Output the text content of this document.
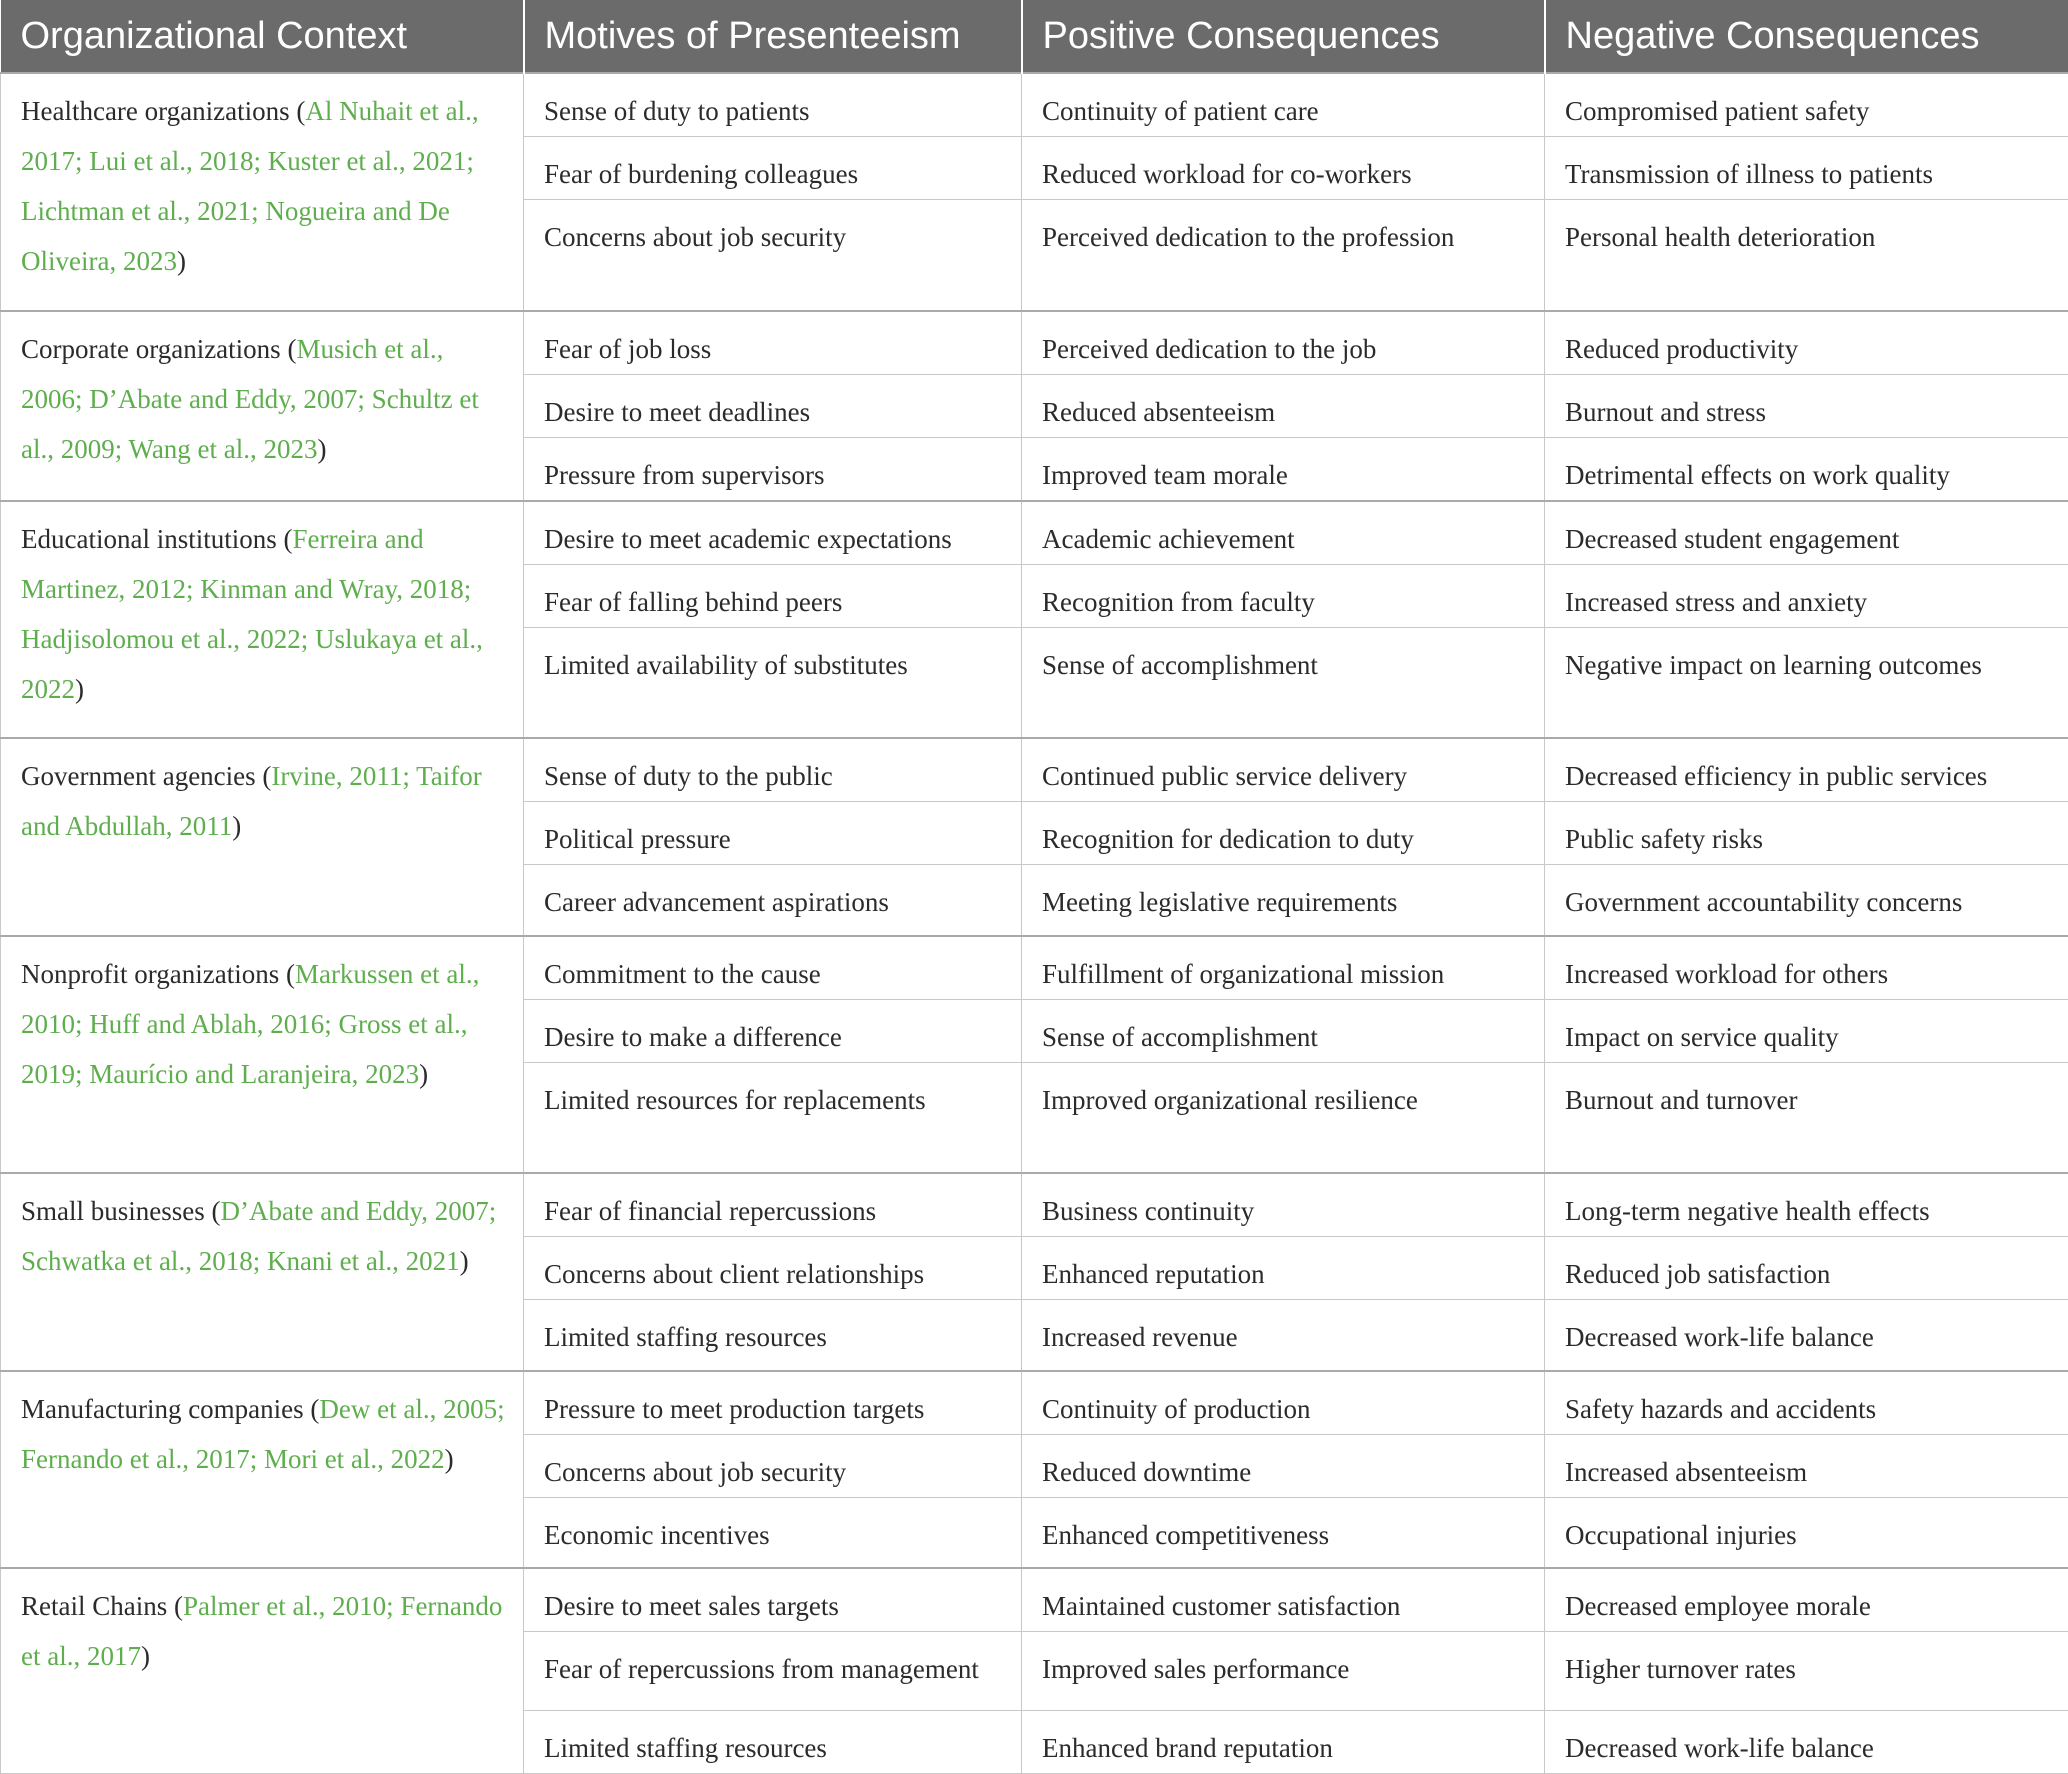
Organizational Context	Motives of Presenteeism	Positive Consequences	Negative Consequences
Healthcare organizations (Al Nuhait et al., 2017; Lui et al., 2018; Kuster et al., 2021; Lichtman et al., 2021; Nogueira and De Oliveira, 2023)	Sense of duty to patients	Continuity of patient care	Compromised patient safety
	Fear of burdening colleagues	Reduced workload for co-workers	Transmission of illness to patients
	Concerns about job security	Perceived dedication to the profession	Personal health deterioration
Corporate organizations (Musich et al., 2006; D’Abate and Eddy, 2007; Schultz et al., 2009; Wang et al., 2023)	Fear of job loss	Perceived dedication to the job	Reduced productivity
	Desire to meet deadlines	Reduced absenteeism	Burnout and stress
	Pressure from supervisors	Improved team morale	Detrimental effects on work quality
Educational institutions (Ferreira and Martinez, 2012; Kinman and Wray, 2018; Hadjisolomou et al., 2022; Uslukaya et al., 2022)	Desire to meet academic expectations	Academic achievement	Decreased student engagement
	Fear of falling behind peers	Recognition from faculty	Increased stress and anxiety
	Limited availability of substitutes	Sense of accomplishment	Negative impact on learning outcomes
Government agencies (Irvine, 2011; Taifor and Abdullah, 2011)	Sense of duty to the public	Continued public service delivery	Decreased efficiency in public services
	Political pressure	Recognition for dedication to duty	Public safety risks
	Career advancement aspirations	Meeting legislative requirements	Government accountability concerns
Nonprofit organizations (Markussen et al., 2010; Huff and Ablah, 2016; Gross et al., 2019; Maurício and Laranjeira, 2023)	Commitment to the cause	Fulfillment of organizational mission	Increased workload for others
	Desire to make a difference	Sense of accomplishment	Impact on service quality
	Limited resources for replacements	Improved organizational resilience	Burnout and turnover
Small businesses (D’Abate and Eddy, 2007; Schwatka et al., 2018; Knani et al., 2021)	Fear of financial repercussions	Business continuity	Long-term negative health effects
	Concerns about client relationships	Enhanced reputation	Reduced job satisfaction
	Limited staffing resources	Increased revenue	Decreased work-life balance
Manufacturing companies (Dew et al., 2005; Fernando et al., 2017; Mori et al., 2022)	Pressure to meet production targets	Continuity of production	Safety hazards and accidents
	Concerns about job security	Reduced downtime	Increased absenteeism
	Economic incentives	Enhanced competitiveness	Occupational injuries
Retail Chains (Palmer et al., 2010; Fernando et al., 2017)	Desire to meet sales targets	Maintained customer satisfaction	Decreased employee morale
	Fear of repercussions from management	Improved sales performance	Higher turnover rates
	Limited staffing resources	Enhanced brand reputation	Decreased work-life balance
